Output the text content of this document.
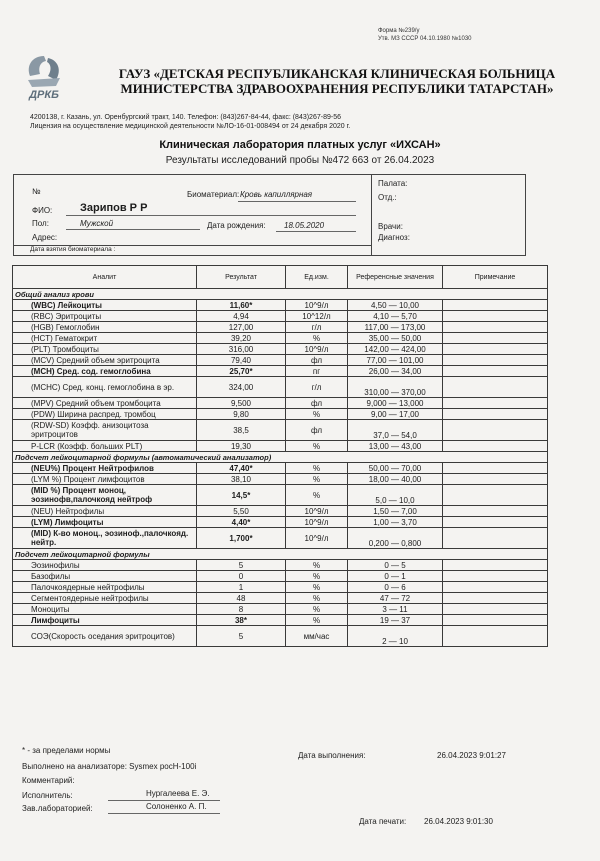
Форма №239/у
Утв. МЗ СССР 04.10.1980 №1030
ДРКБ
ГАУЗ «ДЕТСКАЯ РЕСПУБЛИКАНСКАЯ КЛИНИЧЕСКАЯ БОЛЬНИЦА
МИНИСТЕРСТВА ЗДРАВООХРАНЕНИЯ РЕСПУБЛИКИ ТАТАРСТАН»
4200138, г. Казань, ул. Оренбургский тракт, 140. Телефон: (843)267-84-44, факс: (843)267-89-56
Лицензия на осуществление медицинской деятельности №ЛО-16-01-008494 от 24 декабря 2020 г.
Клиническая лаборатория платных услуг «ИХСАН»
Результаты исследований пробы №472 663 от 26.04.2023
№	Биоматериал: Кровь капиллярная
ФИО:	Зарипов Р Р
Пол:	Мужской	Дата рождения: 18.05.2020
Адрес:
Дата взятия биоматериала :
Палата:
Отд.:
Врачи:
Диагноз:
Аналит	Результат	Ед.изм.	Референсные значения	Примечание
Общий анализ крови				
(WBC) Лейкоциты	11,60*	10^9/л	4,50 — 10,00	
(RBC) Эритроциты	4,94	10^12/л	4,10 — 5,70	
(HGB) Гемоглобин	127,00	г/л	117,00 — 173,00	
(HCT) Гематокрит	39,20	%	35,00 — 50,00	
(PLT) Тромбоциты	316,00	10^9/л	142,00 — 424,00	
(MCV) Средний объем эритроцита	79,40	фл	77,00 — 101,00	
(MCH) Сред. сод. гемоглобина	25,70*	пг	26,00 — 34,00	
(MCHC) Сред. конц. гемоглобина в эр.	324,00	г/л	310,00 — 370,00	
(MPV) Средний объем тромбоцита	9,500	фл	9,000 — 13,000	
(PDW) Ширина распред. тромбоц	9,80	%	9,00 — 17,00	
(RDW-SD) Коэфф. анизоцитоза эритроцитов	38,5	фл	37,0 — 54,0	
P-LCR (Коэфф. больших PLT)	19,30	%	13,00 — 43,00	
Подсчет лейкоцитарной формулы (автоматический анализатор)				
(NEU%) Процент Нейтрофилов	47,40*	%	50,00 — 70,00	
(LYM %) Процент лимфоцитов	38,10	%	18,00 — 40,00	
(MID %) Процент моноц, эозинофв,палочкояд нейтроф	14,5*	%	5,0 — 10,0	
(NEU) Нейтрофилы	5,50	10^9/л	1,50 — 7,00	
(LYM) Лимфоциты	4,40*	10^9/л	1,00 — 3,70	
(MID) К-во моноц., эозиноф.,палочкояд. нейтр.	1,700*	10^9/л	0,200 — 0,800	
Подсчет лейкоцитарной формулы				
Эозинофилы	5	%	0 — 5	
Базофилы	0	%	0 — 1	
Палочкоядерные нейтрофилы	1	%	0 — 6	
Сегментоядерные нейтрофилы	48	%	47 — 72	
Моноциты	8	%	3 — 11	
Лимфоциты	38*	%	19 — 37	
СОЭ(Скорость оседания эритроцитов)	5	мм/час	2 — 10	
* - за пределами нормы
Дата выполнения:	26.04.2023 9:01:27
Выполнено на анализаторе: Sysmex pocH-100i
Комментарий:
Исполнитель:	Нургалеева Е. Э.
Зав.лабораторией:	Солоненко А. П.
Дата печати: 26.04.2023 9:01:30
